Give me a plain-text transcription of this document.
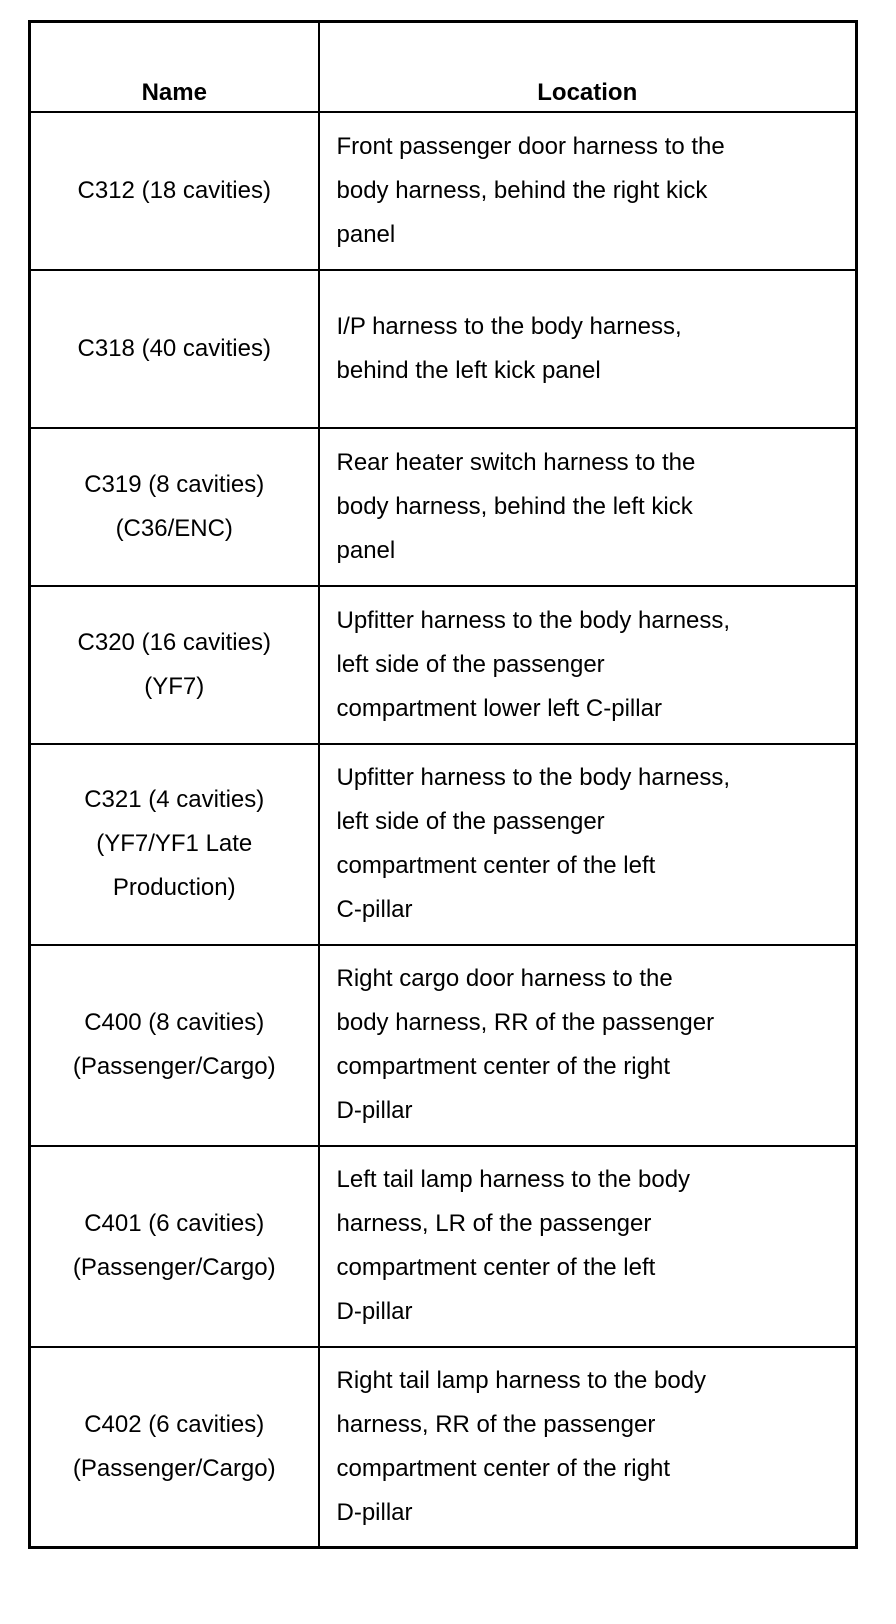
Name	Location

C312 (18 cavities)	Front passenger door harness to the
body harness, behind the right kick
panel

C318 (40 cavities)	I/P harness to the body harness,
behind the left kick panel

C319 (8 cavities)
(C36/ENC)	Rear heater switch harness to the
body harness, behind the left kick
panel

C320 (16 cavities)
(YF7)	Upfitter harness to the body harness,
left side of the passenger
compartment lower left C-pillar

C321 (4 cavities)
(YF7/YF1 Late
Production)	Upfitter harness to the body harness,
left side of the passenger
compartment center of the left
C-pillar

C400 (8 cavities)
(Passenger/Cargo)	Right cargo door harness to the
body harness, RR of the passenger
compartment center of the right
D-pillar

C401 (6 cavities)
(Passenger/Cargo)	Left tail lamp harness to the body
harness, LR of the passenger
compartment center of the left
D-pillar

C402 (6 cavities)
(Passenger/Cargo)	Right tail lamp harness to the body
harness, RR of the passenger
compartment center of the right
D-pillar
